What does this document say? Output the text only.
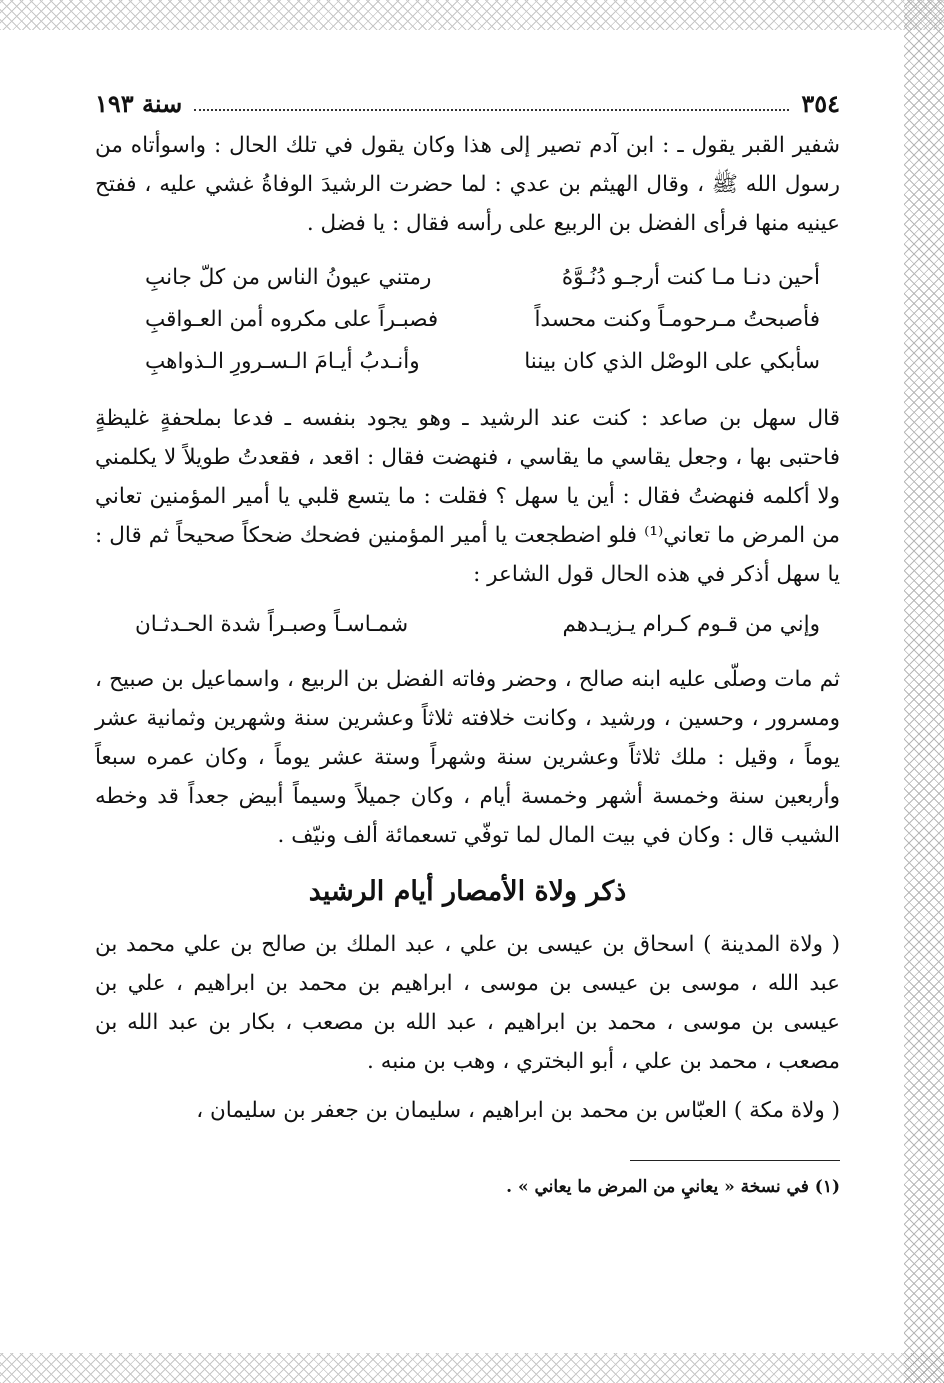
٣٥٤
سنة ١٩٣

شفير القبر يقول ـ : ابن آدم تصير إلى هذا وكان يقول في تلك الحال : واسوأتاه من رسول الله ﷺ ، وقال الهيثم بن عدي : لما حضرت الرشيدَ الوفاةُ غشي عليه ، ففتح عينيه منها فرأى الفضل بن الربيع على رأسه فقال : يا فضل .

أحين دنـا مـا كنت أرجـو دُنُـوَّهُ
رمتني عيونُ الناس من كلّ جانبِ
فأصبحتُ مـرحومـاً وكنت محسداً
فصبـراً على مكروه أمن العـواقبِ
سأبكي على الوصْل الذي كان بيننا
وأنـدبُ أيـامَ الـسـرورِ الـذواهبِ

قال سهل بن صاعد : كنت عند الرشيد ـ وهو يجود بنفسه ـ فدعا بملحفةٍ غليظةٍ فاحتبى بها ، وجعل يقاسي ما يقاسي ، فنهضت فقال : اقعد ، فقعدتُ طويلاً لا يكلمني ولا أكلمه فنهضتُ فقال : أين يا سهل ؟ فقلت : ما يتسع قلبي يا أمير المؤمنين تعاني من المرض ما تعاني⁽¹⁾ فلو اضطجعت يا أمير المؤمنين فضحك ضحكاً صحيحاً ثم قال : يا سهل أذكر في هذه الحال قول الشاعر :

وإني من قـوم كـرام يـزيـدهم
شمـاسـاً وصبـراً شدة الحـدثـان

ثم مات وصلّى عليه ابنه صالح ، وحضر وفاته الفضل بن الربيع ، واسماعيل بن صبيح ، ومسرور ، وحسين ، ورشيد ، وكانت خلافته ثلاثاً وعشرين سنة وشهرين وثمانية عشر يوماً ، وقيل : ملك ثلاثاً وعشرين سنة وشهراً وستة عشر يوماً ، وكان عمره سبعاً وأربعين سنة وخمسة أشهر وخمسة أيام ، وكان جميلاً وسيماً أبيض جعداً قد وخطه الشيب قال : وكان في بيت المال لما توفّي تسعمائة ألف ونيّف .

ذكر ولاة الأمصار أيام الرشيد

( ولاة المدينة ) اسحاق بن عيسى بن علي ، عبد الملك بن صالح بن علي محمد بن عبد الله ، موسى بن عيسى بن موسى ، ابراهيم بن محمد بن ابراهيم ، علي بن عيسى بن موسى ، محمد بن ابراهيم ، عبد الله بن مصعب ، بكار بن عبد الله بن مصعب ، محمد بن علي ، أبو البختري ، وهب بن منبه .

( ولاة مكة ) العبّاس بن محمد بن ابراهيم ، سليمان بن جعفر بن سليمان ،

(١) في نسخة « يعانيِ من المرض ما يعاني » .
